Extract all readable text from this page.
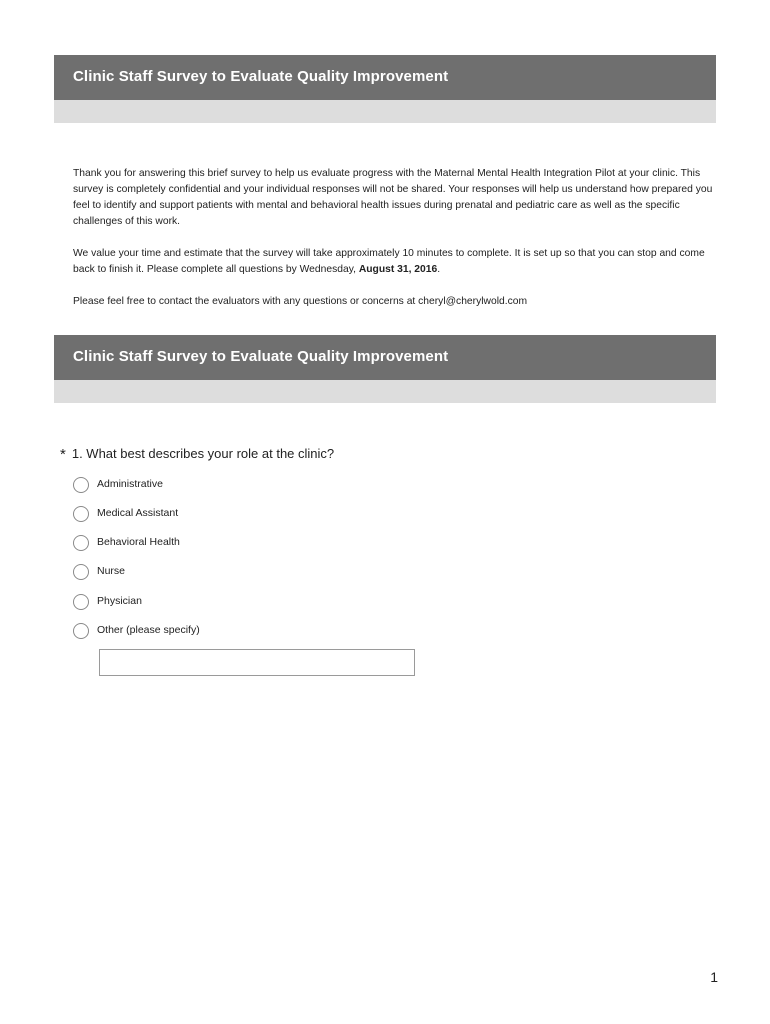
Clinic Staff Survey to Evaluate Quality Improvement

Thank you for answering this brief survey to help us evaluate progress with the Maternal Mental Health Integration Pilot at your clinic. This survey is completely confidential and your individual responses will not be shared. Your responses will help us understand how prepared you feel to identify and support patients with mental and behavioral health issues during prenatal and pediatric care as well as the specific challenges of this work.

We value your time and estimate that the survey will take approximately 10 minutes to complete. It is set up so that you can stop and come back to finish it. Please complete all questions by Wednesday, August 31, 2016.

Please feel free to contact the evaluators with any questions or concerns at cheryl@cherylwold.com

Clinic Staff Survey to Evaluate Quality Improvement
* 1. What best describes your role at the clinic?
Administrative
Medical Assistant
Behavioral Health
Nurse
Physician
Other (please specify)
1
